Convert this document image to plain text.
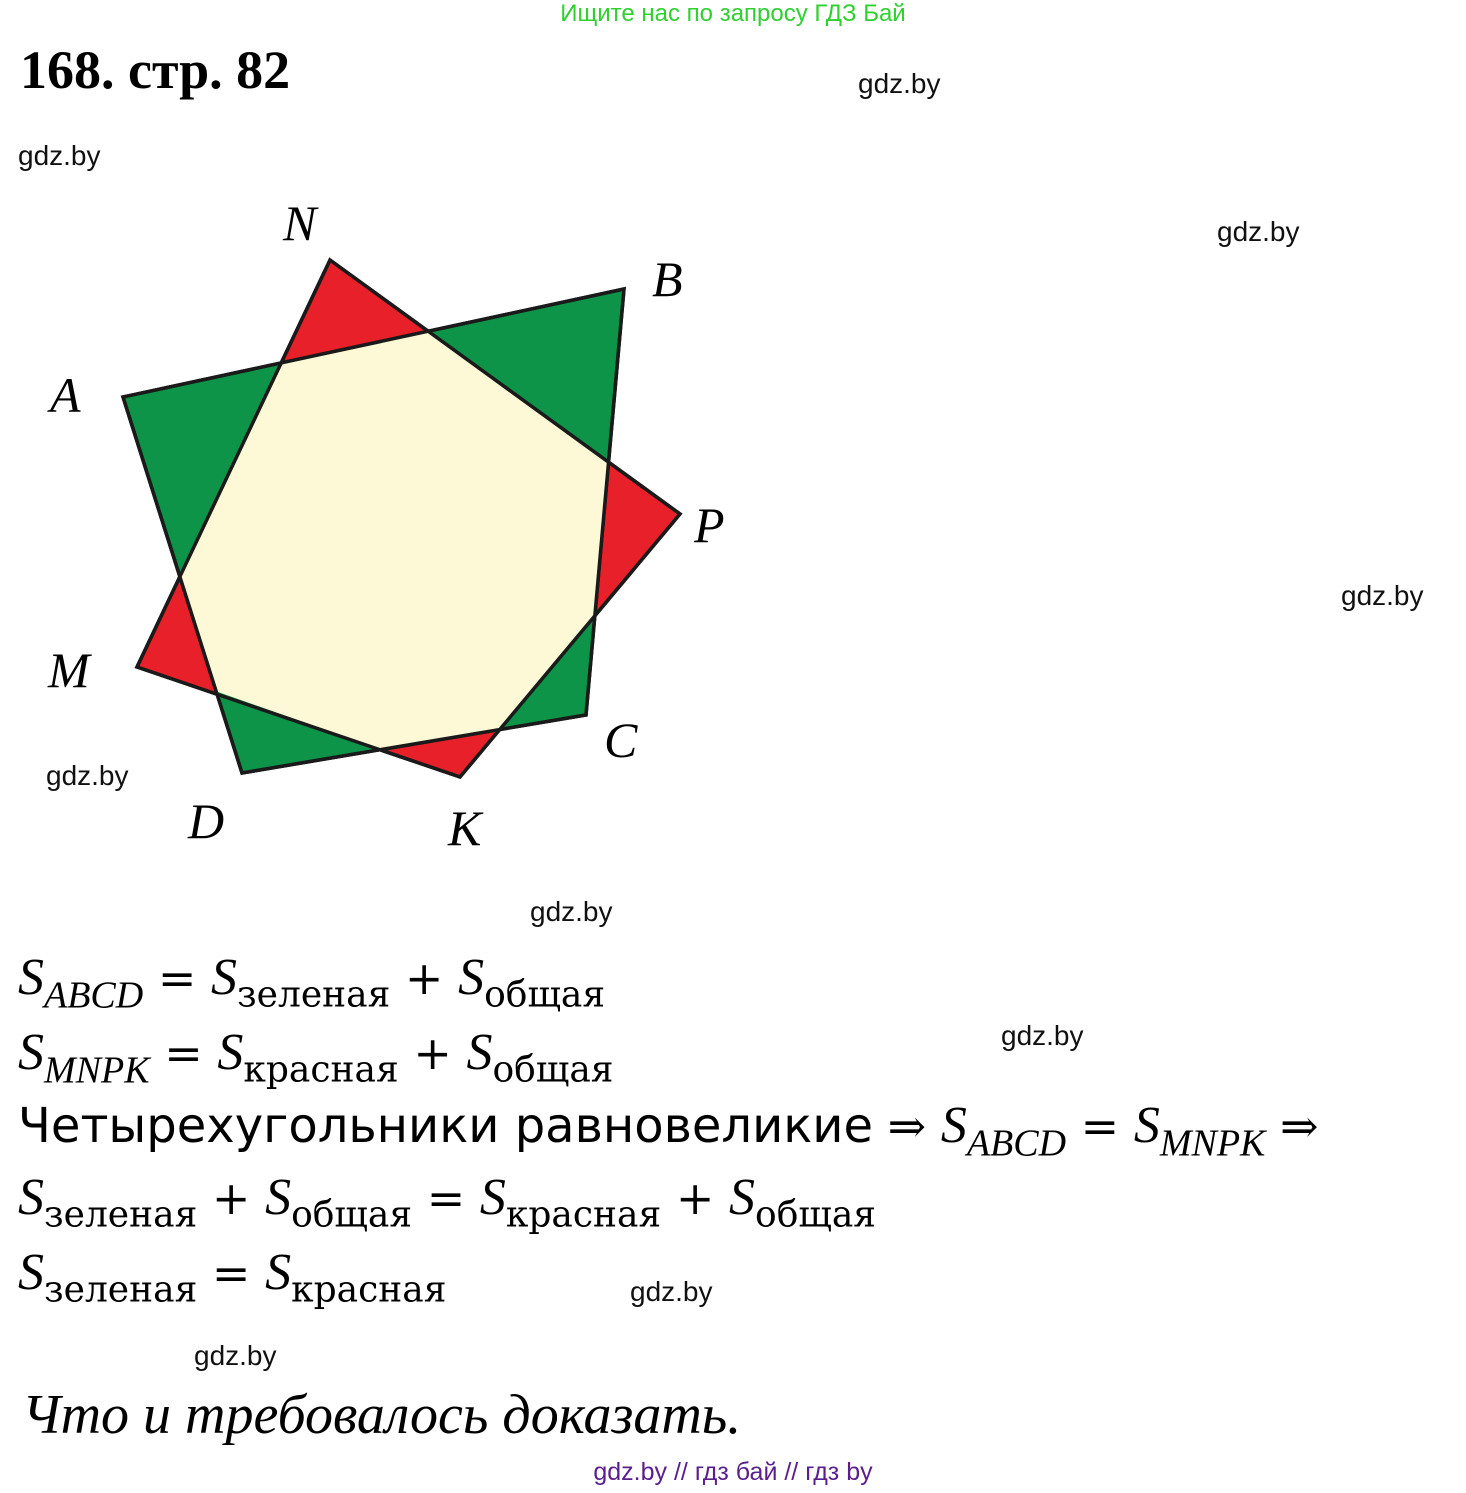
Ищите нас по запросу ГДЗ Бай
168. стр. 82	gdz.by
gdz.by
gdz.by
gdz.by
gdz.by
gdz.by
gdz.by
gdz.by
gdz.by
N
B
A
P
M
C
D	K
$S_{ABCD} = S_{зеленая} + S_{общая}$
$S_{MNPK} = S_{красная} + S_{общая}$
Четырехугольники равновеликие ⇒ $S_{ABCD} = S_{MNPK}$ ⇒
$S_{зеленая} + S_{общая} = S_{красная} + S_{общая}$
$S_{зеленая} = S_{красная}$
Что и требовалось доказать.
gdz.by // гдз бай // гдз by
